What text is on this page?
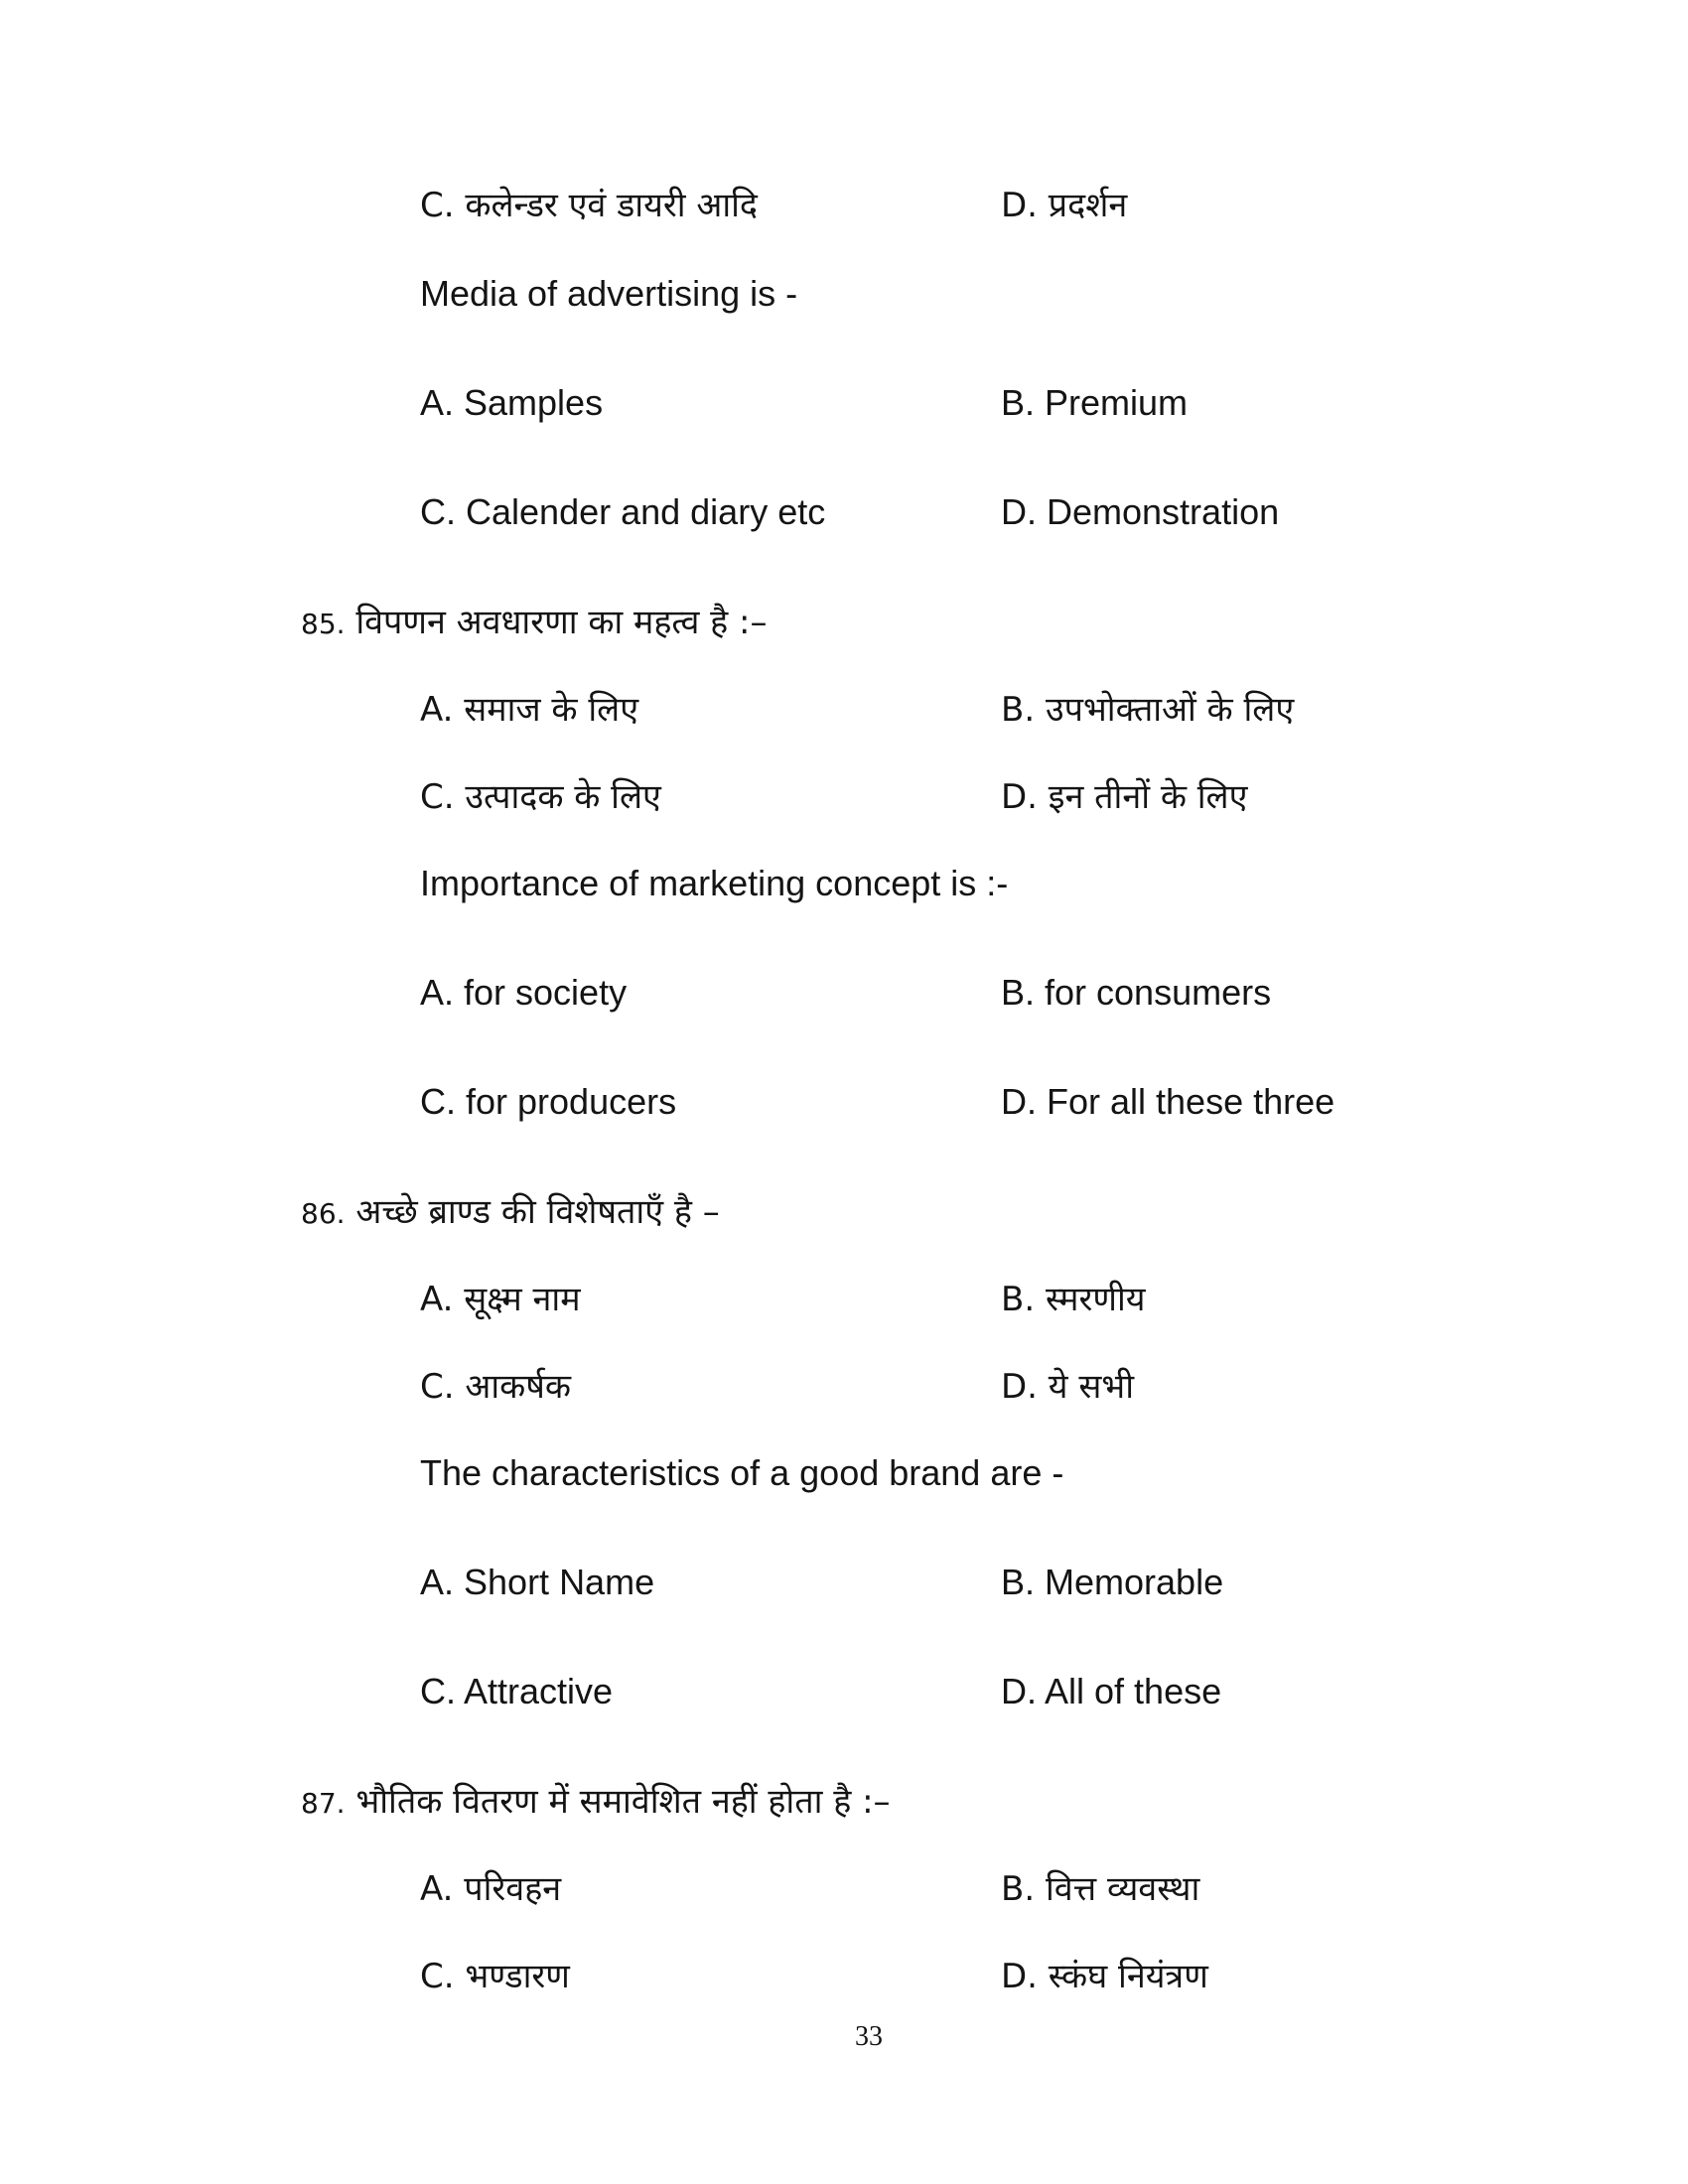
C. कलेन्डर एवं डायरी आदि	D. प्रदर्शन
Media of advertising is -
A. Samples	B. Premium
C. Calender and diary etc	D. Demonstration
85. विपणन अवधारणा का महत्व है :–
A. समाज के लिए	B. उपभोक्ताओं के लिए
C. उत्पादक के लिए	D. इन तीनों के लिए
Importance of marketing concept is :-
A. for society	B. for consumers
C. for producers	D. For all these three
86. अच्छे ब्राण्ड की विशेषताएँ है –
A. सूक्ष्म नाम	B. स्मरणीय
C. आकर्षक	D. ये सभी
The characteristics of a good brand are -
A. Short Name	B. Memorable
C. Attractive	D. All of these
87. भौतिक वितरण में समावेशित नहीं होता है :–
A. परिवहन	B. वित्त व्यवस्था
C. भण्डारण	D. स्कंघ नियंत्रण
33
